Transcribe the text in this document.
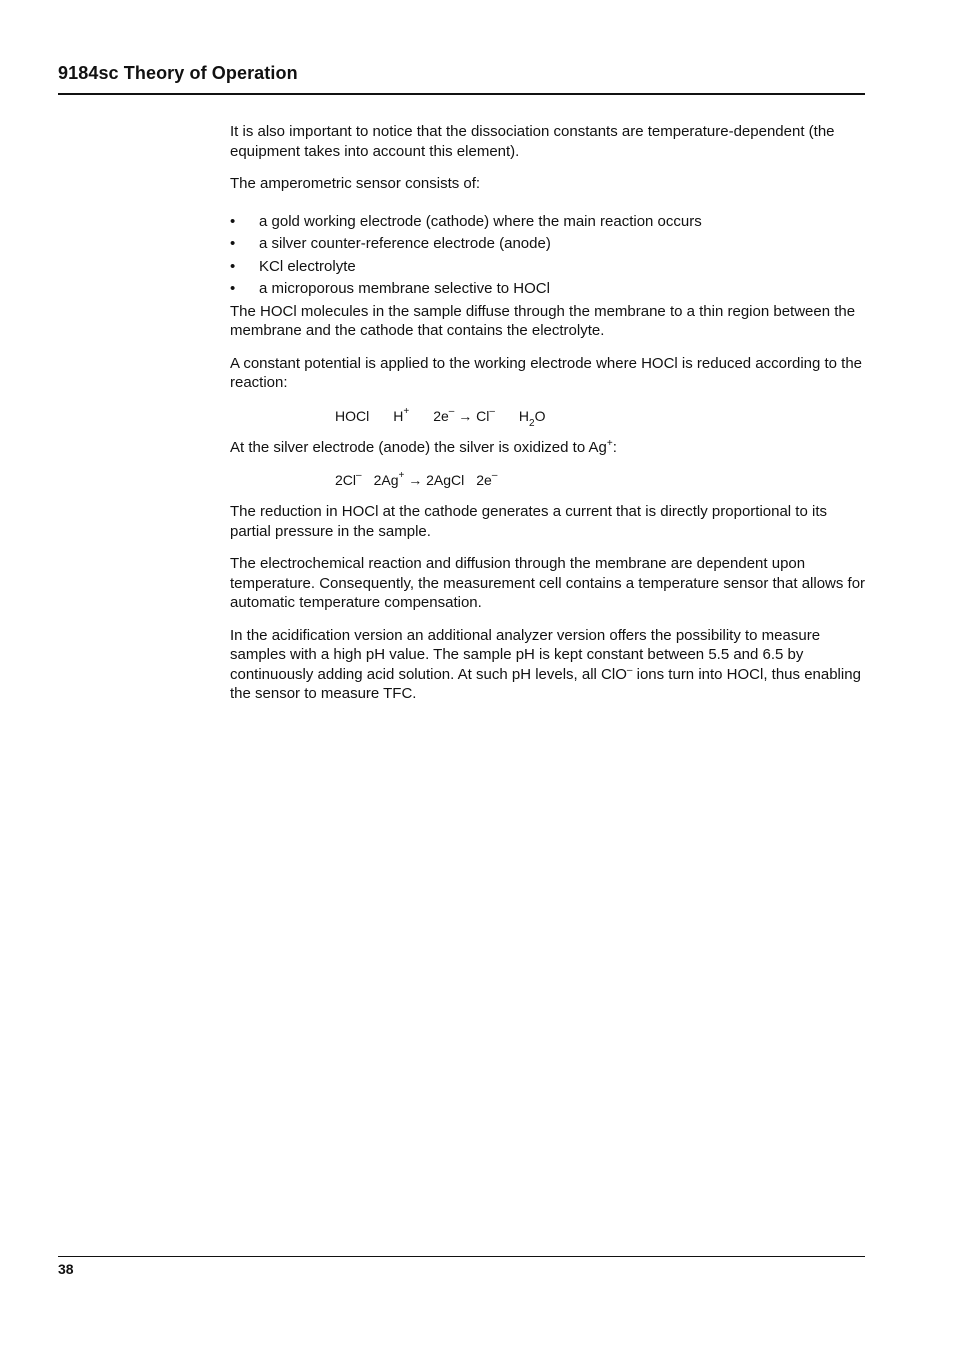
9184sc Theory of Operation

It is also important to notice that the dissociation constants are temperature-dependent (the equipment takes into account this element).

The amperometric sensor consists of:

• a gold working electrode (cathode) where the main reaction occurs
• a silver counter-reference electrode (anode)
• KCl electrolyte
• a microporous membrane selective to HOCl

The HOCl molecules in the sample diffuse through the membrane to a thin region between the membrane and the cathode that contains the electrolyte.

A constant potential is applied to the working electrode where HOCl is reduced according to the reaction:

HOCl H+ 2e– → Cl– $H_2O$

At the silver electrode (anode) the silver is oxidized to Ag+:

2Cl– 2Ag+ → 2AgCl 2e–

The reduction in HOCl at the cathode generates a current that is directly proportional to its partial pressure in the sample.

The electrochemical reaction and diffusion through the membrane are dependent upon temperature. Consequently, the measurement cell contains a temperature sensor that allows for automatic temperature compensation.

In the acidification version an additional analyzer version offers the possibility to measure samples with a high pH value. The sample pH is kept constant between 5.5 and 6.5 by continuously adding acid solution. At such pH levels, all ClO– ions turn into HOCl, thus enabling the sensor to measure TFC.

38
